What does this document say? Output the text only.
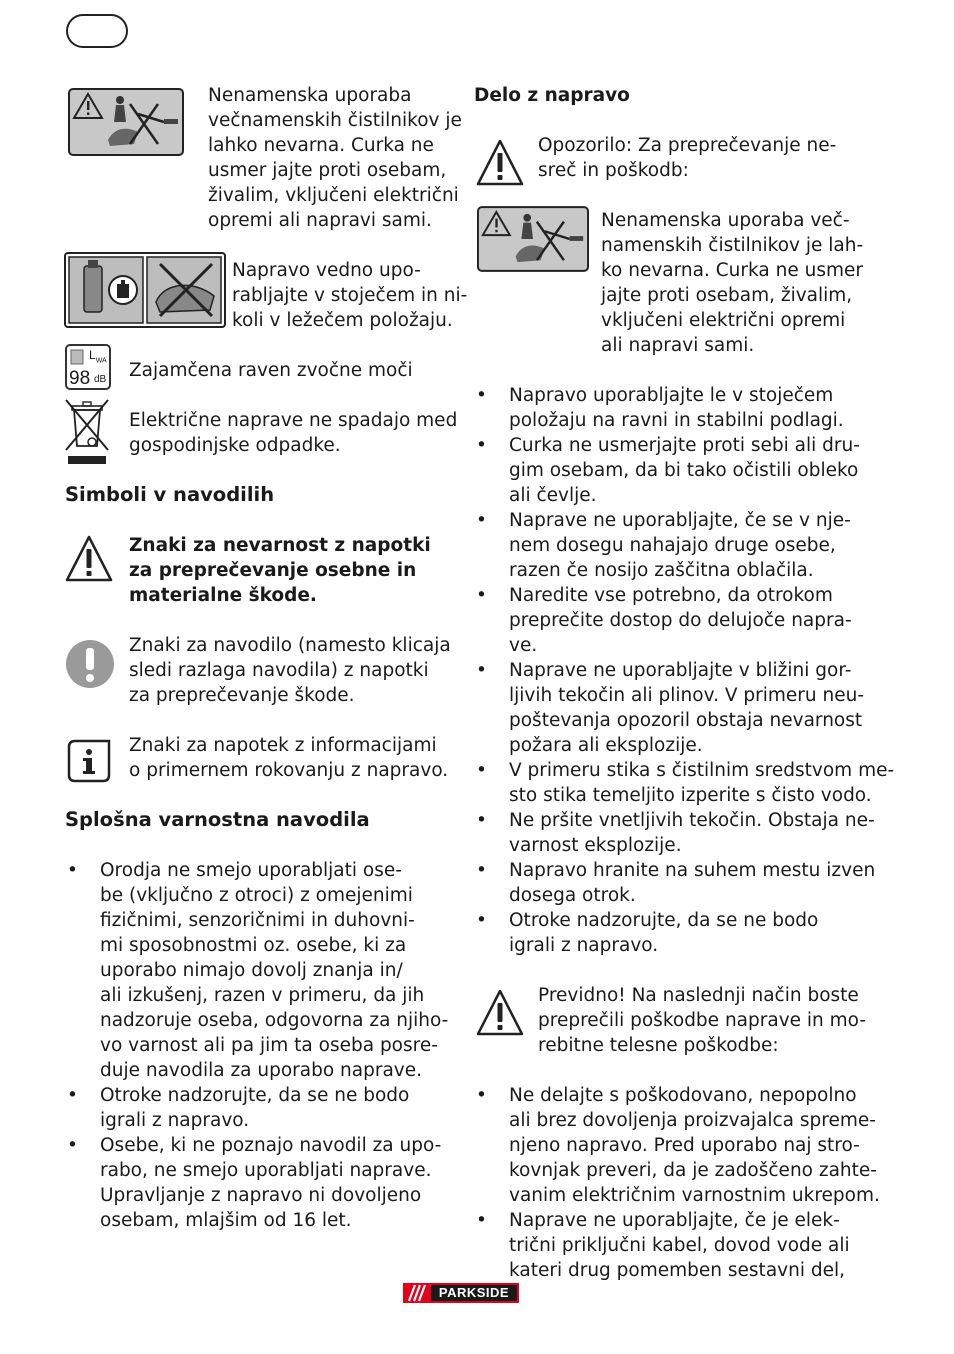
Nenamenska uporaba
večnamenskih čistilnikov je
lahko nevarna. Curka ne
usmer jajte proti osebam,
živalim, vključeni električni
opremi ali napravi sami.

Napravo vedno upo-
rabljajte v stoječem in ni-
koli v ležečem položaju.

$L_{WA}$
98 dB Zajamčena raven zvočne moči

Električne naprave ne spadajo med
gospodinjske odpadke.

Simboli v navodilih

Znaki za nevarnost z napotki
za preprečevanje osebne in
materialne škode.

Znaki za navodilo (namesto klicaja
sledi razlaga navodila) z napotki
za preprečevanje škode.

Znaki za napotek z informacijami
o primernem rokovanju z napravo.

Splošna varnostna navodila
• Orodja ne smejo uporabljati ose-
be (vključno z otroci) z omejenimi
fizičnimi, senzoričnimi in duhovni-
mi sposobnostmi oz. osebe, ki za
uporabo nimajo dovolj znanja in/
ali izkušenj, razen v primeru, da jih
nadzoruje oseba, odgovorna za njiho-
vo varnost ali pa jim ta oseba posre-
duje navodila za uporabo naprave.
• Otroke nadzorujte, da se ne bodo
igrali z napravo.
• Osebe, ki ne poznajo navodil za upo-
rabo, ne smejo uporabljati naprave.
Upravljanje z napravo ni dovoljeno
osebam, mlajšim od 16 let.
Delo z napravo

Opozorilo: Za preprečevanje ne-
sreč in poškodb:

Nenamenska uporaba več-
namenskih čistilnikov je lah-
ko nevarna. Curka ne usmer
jajte proti osebam, živalim,
vključeni električni opremi
ali napravi sami.

• Napravo uporabljajte le v stoječem
položaju na ravni in stabilni podlagi.
• Curka ne usmerjajte proti sebi ali dru-
gim osebam, da bi tako očistili obleko
ali čevlje.
• Naprave ne uporabljajte, če se v nje-
nem dosegu nahajajo druge osebe,
razen če nosijo zaščitna oblačila.
• Naredite vse potrebno, da otrokom
preprečite dostop do delujoče napra-
ve.
• Naprave ne uporabljajte v bližini gor-
ljivih tekočin ali plinov. V primeru neu-
poštevanja opozoril obstaja nevarnost
požara ali eksplozije.
• V primeru stika s čistilnim sredstvom me-
sto stika temeljito izperite s čisto vodo.
• Ne pršite vnetljivih tekočin. Obstaja ne-
varnost eksplozije.
• Napravo hranite na suhem mestu izven
dosega otrok.
• Otroke nadzorujte, da se ne bodo
igrali z napravo.

Previdno! Na naslednji način boste
preprečili poškodbe naprave in mo-
rebitne telesne poškodbe:

• Ne delajte s poškodovano, nepopolno
ali brez dovoljenja proizvajalca spreme-
njeno napravo. Pred uporabo naj stro-
kovnjak preveri, da je zadoščeno zahte-
vanim električnim varnostnim ukrepom.
• Naprave ne uporabljajte, če je elek-
trični priključni kabel, dovod vode ali
kateri drug pomemben sestavni del,
PARKSIDE
